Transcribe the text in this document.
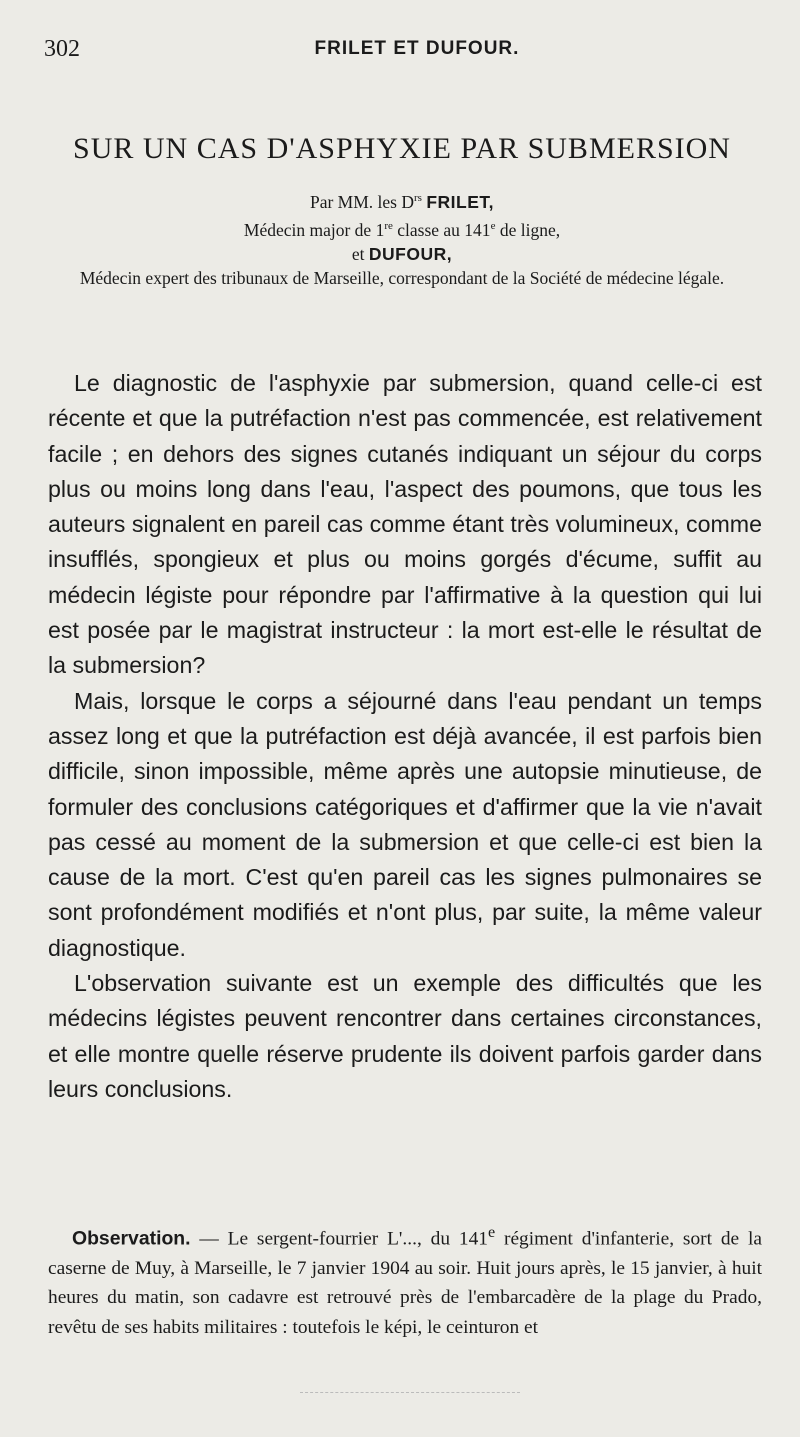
302	FRILET ET DUFOUR.
SUR UN CAS D'ASPHYXIE PAR SUBMERSION
Par MM. les $D^{rs}$ FRILET,
Médecin major de 1re classe au 141e de ligne,
et DUFOUR,
Médecin expert des tribunaux de Marseille, correspondant de la Société de médecine légale.

Le diagnostic de l'asphyxie par submersion, quand celle-ci est récente et que la putréfaction n'est pas commencée, est relativement facile ; en dehors des signes cutanés indiquant un séjour du corps plus ou moins long dans l'eau, l'aspect des poumons, que tous les auteurs signalent en pareil cas comme étant très volumineux, comme insufflés, spongieux et plus ou moins gorgés d'écume, suffit au médecin légiste pour répondre par l'affirmative à la question qui lui est posée par le magistrat instructeur : la mort est-elle le résultat de la submersion?

Mais, lorsque le corps a séjourné dans l'eau pendant un temps assez long et que la putréfaction est déjà avancée, il est parfois bien difficile, sinon impossible, même après une autopsie minutieuse, de formuler des conclusions catégoriques et d'affirmer que la vie n'avait pas cessé au moment de la submersion et que celle-ci est bien la cause de la mort. C'est qu'en pareil cas les signes pulmonaires se sont profondément modifiés et n'ont plus, par suite, la même valeur diagnostique.

L'observation suivante est un exemple des difficultés que les médecins légistes peuvent rencontrer dans certaines circonstances, et elle montre quelle réserve prudente ils doivent parfois garder dans leurs conclusions.

Observation. — Le sergent-fourrier L'..., du 141e régiment d'infanterie, sort de la caserne de Muy, à Marseille, le 7 janvier 1904 au soir. Huit jours après, le 15 janvier, à huit heures du matin, son cadavre est retrouvé près de l'embarcadère de la plage du Prado, revêtu de ses habits militaires : toutefois le képi, le ceinturon et
